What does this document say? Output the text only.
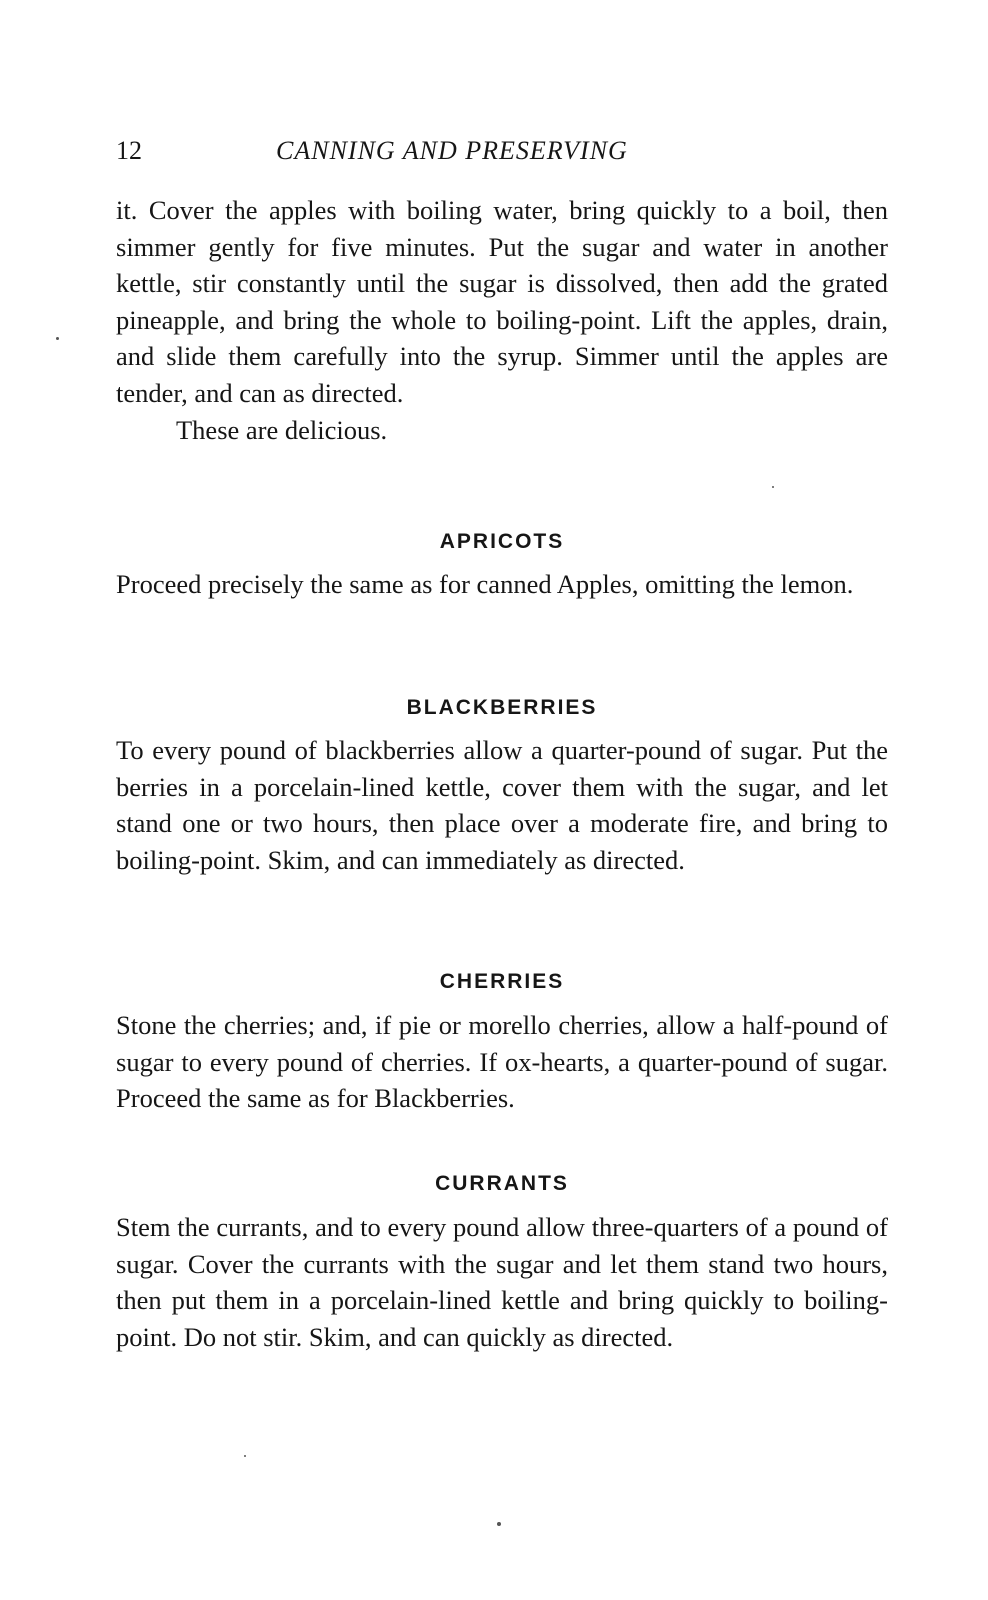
12	CANNING AND PRESERVING

it. Cover the apples with boiling water, bring quickly to a boil, then simmer gently for five minutes. Put the sugar and water in another kettle, stir constantly until the sugar is dissolved, then add the grated pineapple, and bring the whole to boiling-point. Lift the apples, drain, and slide them carefully into the syrup. Simmer until the apples are tender, and can as directed.

These are delicious.

APRICOTS

Proceed precisely the same as for canned Apples, omitting the lemon.

BLACKBERRIES

To every pound of blackberries allow a quarter-pound of sugar. Put the berries in a porcelain-lined kettle, cover them with the sugar, and let stand one or two hours, then place over a moderate fire, and bring to boiling-point. Skim, and can immediately as directed.

CHERRIES

Stone the cherries; and, if pie or morello cherries, allow a half-pound of sugar to every pound of cherries. If ox-hearts, a quarter-pound of sugar. Proceed the same as for Blackberries.

CURRANTS

Stem the currants, and to every pound allow three-quarters of a pound of sugar. Cover the currants with the sugar and let them stand two hours, then put them in a porcelain-lined kettle and bring quickly to boiling-point. Do not stir. Skim, and can quickly as directed.
